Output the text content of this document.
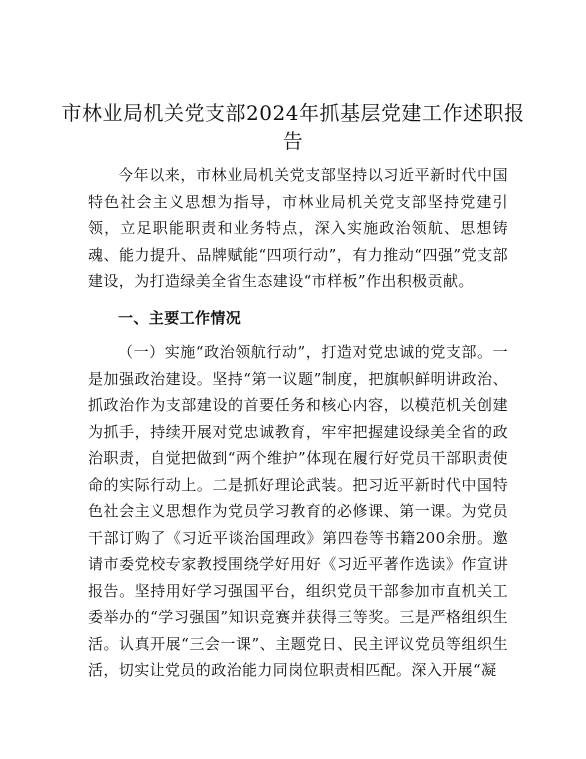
市林业局机关党支部2024年抓基层党建工作述职报告
今年以来，市林业局机关党支部坚持以习近平新时代中国特色社会主义思想为指导，市林业局机关党支部坚持党建引领，立足职能职责和业务特点，深入实施政治领航、思想铸魂、能力提升、品牌赋能“四项行动”，有力推动“四强”党支部建设，为打造绿美全省生态建设“市样板”作出积极贡献。
一、主要工作情况
（一）实施“政治领航行动”，打造对党忠诚的党支部。一是加强政治建设。坚持“第一议题”制度，把旗帜鲜明讲政治、抓政治作为支部建设的首要任务和核心内容，以模范机关创建为抓手，持续开展对党忠诚教育，牢牢把握建设绿美全省的政治职责，自觉把做到“两个维护”体现在履行好党员干部职责使命的实际行动上。二是抓好理论武装。把习近平新时代中国特色社会主义思想作为党员学习教育的必修课、第一课。为党员干部订购了《习近平谈治国理政》第四卷等书籍200余册。邀请市委党校专家教授围绕学好用好《习近平著作选读》作宣讲报告。坚持用好学习强国平台，组织党员干部参加市直机关工委举办的“学习强国”知识竞赛并获得三等奖。三是严格组织生活。认真开展“三会一课”、主题党日、民主评议党员等组织生活，切实让党员的政治能力同岗位职责相匹配。深入开展“凝
